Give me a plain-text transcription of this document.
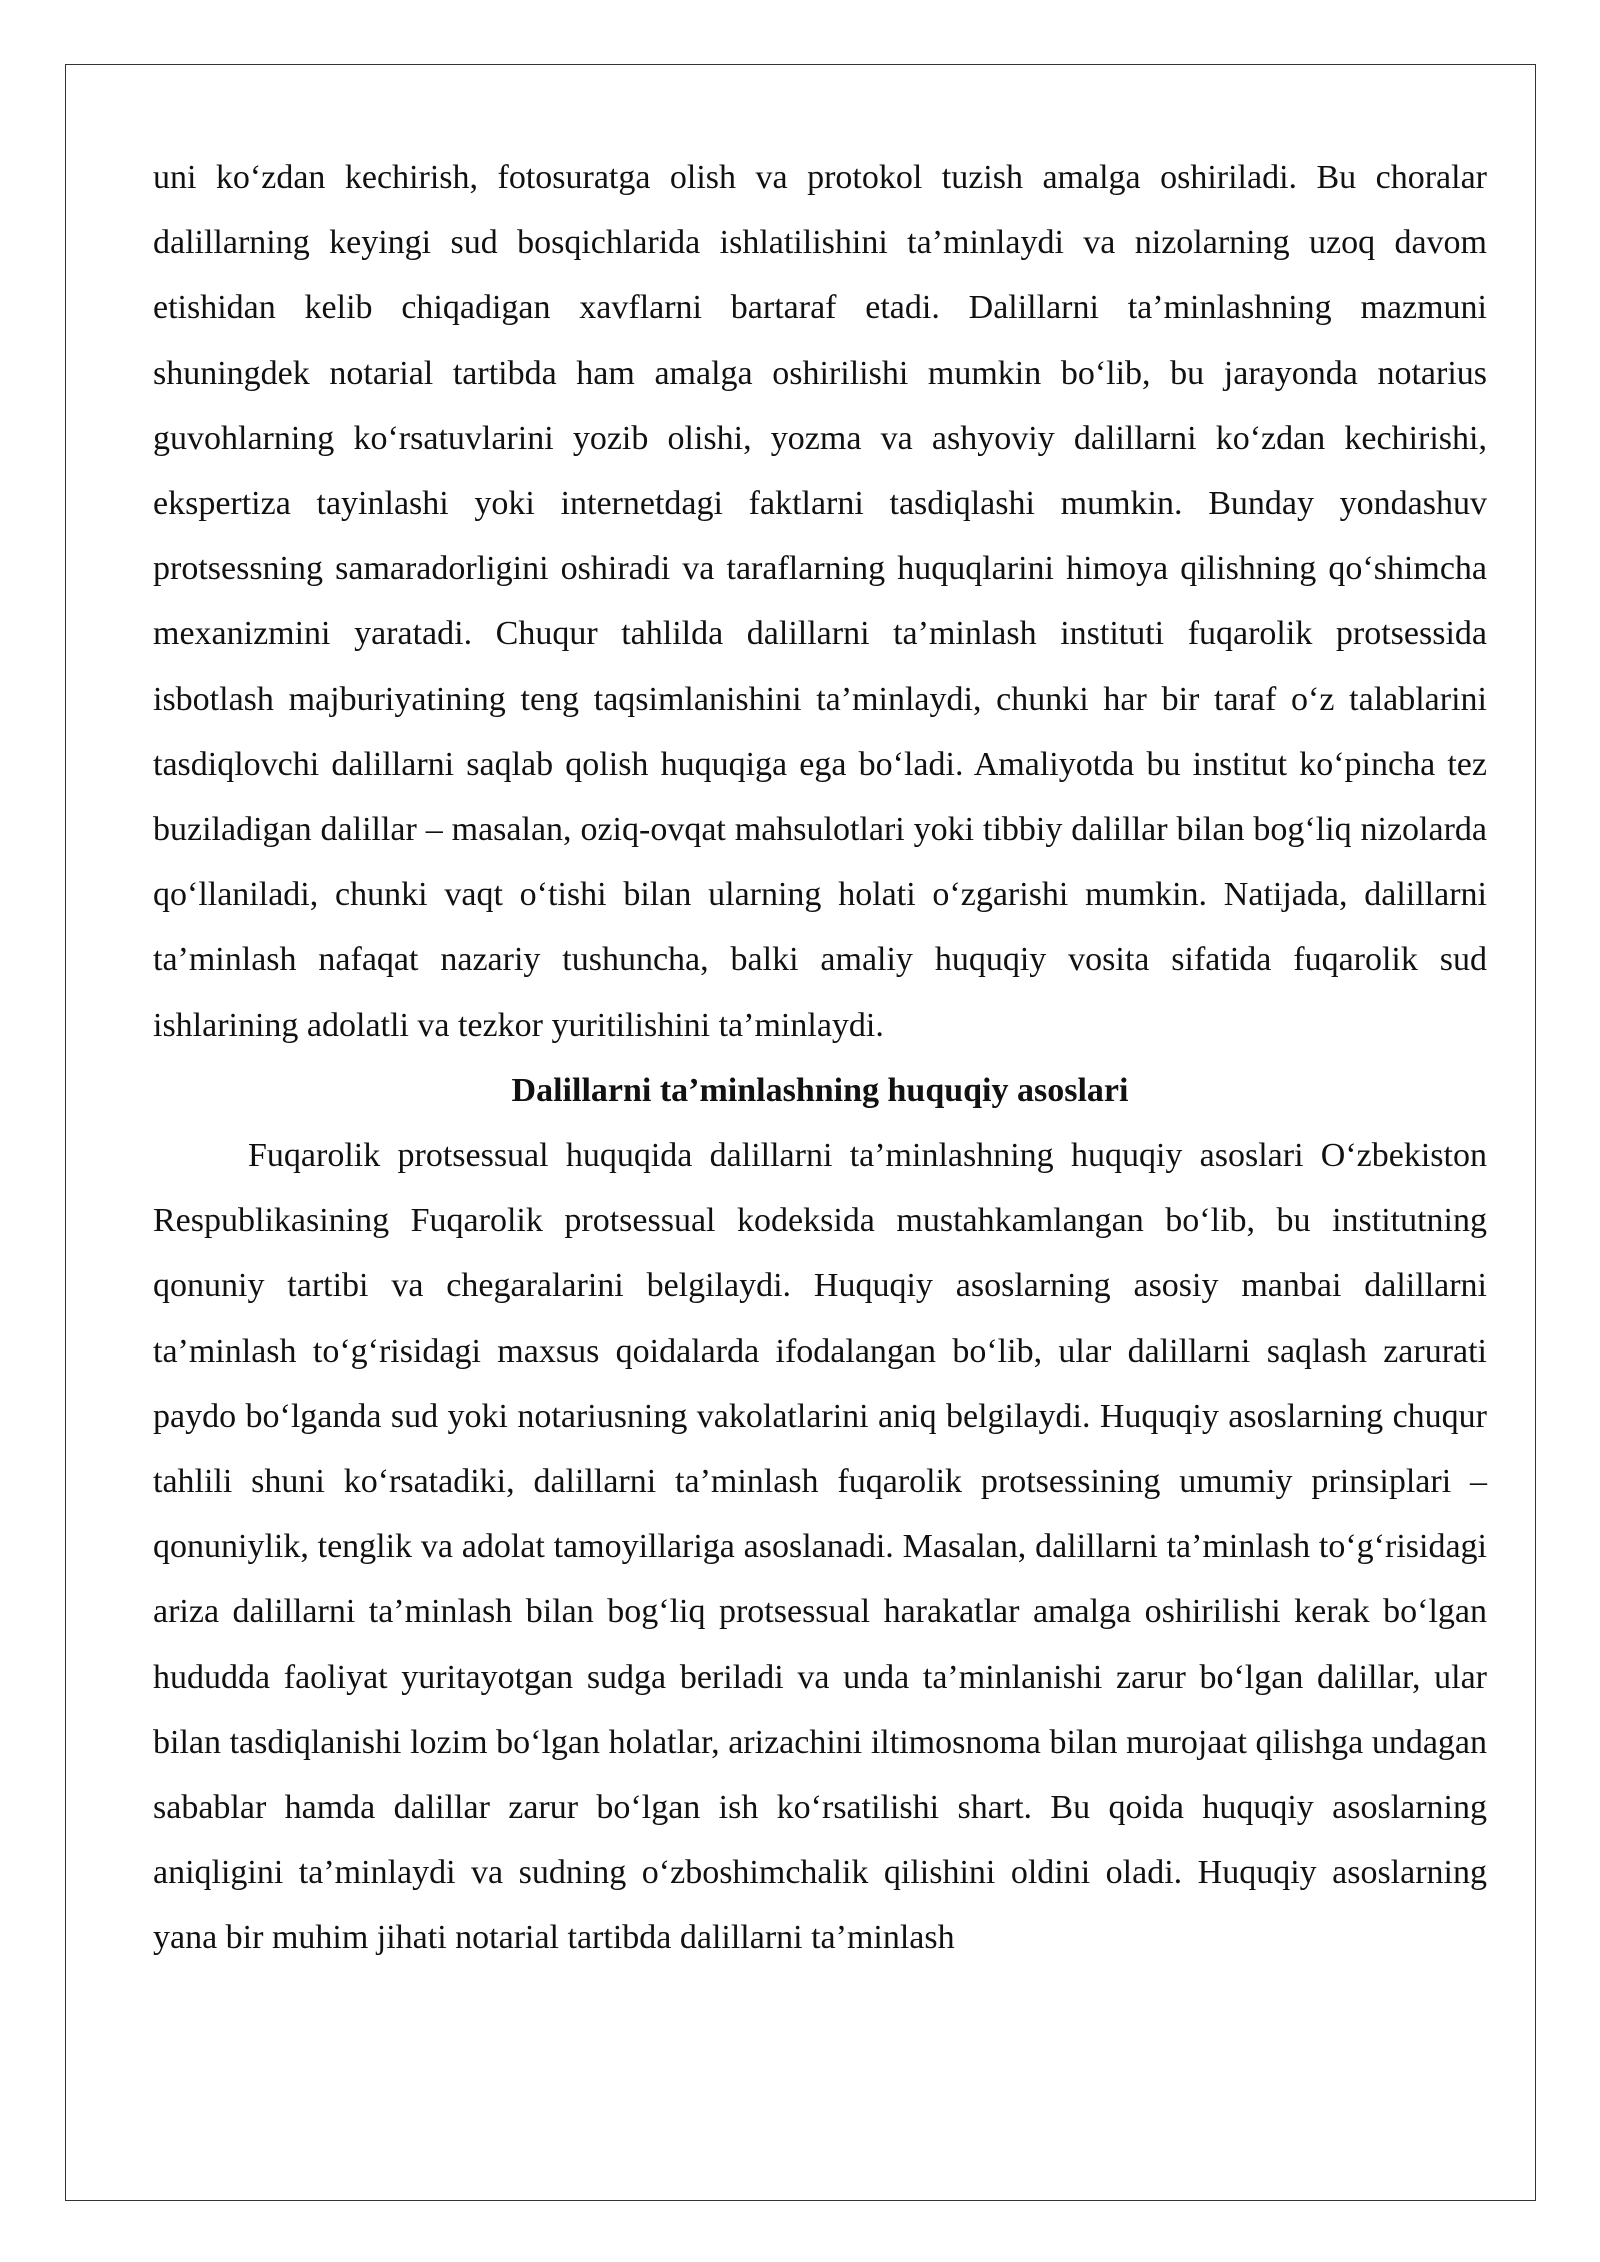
uni ko‘zdan kechirish, fotosuratga olish va protokol tuzish amalga oshiriladi. Bu choralar dalillarning keyingi sud bosqichlarida ishlatilishini ta’minlaydi va nizolarning uzoq davom etishidan kelib chiqadigan xavflarni bartaraf etadi. Dalillarni ta’minlashning mazmuni shuningdek notarial tartibda ham amalga oshirilishi mumkin bo‘lib, bu jarayonda notarius guvohlarning ko‘rsatuvlarini yozib olishi, yozma va ashyoviy dalillarni ko‘zdan kechirishi, ekspertiza tayinlashi yoki internetdagi faktlarni tasdiqlashi mumkin. Bunday yondashuv protsessning samaradorligini oshiradi va taraflarning huquqlarini himoya qilishning qo‘shimcha mexanizmini yaratadi. Chuqur tahlilda dalillarni ta’minlash instituti fuqarolik protsessida isbotlash majburiyatining teng taqsimlanishini ta’minlaydi, chunki har bir taraf o‘z talablarini tasdiqlovchi dalillarni saqlab qolish huquqiga ega bo‘ladi. Amaliyotda bu institut ko‘pincha tez buziladigan dalillar – masalan, oziq-ovqat mahsulotlari yoki tibbiy dalillar bilan bog‘liq nizolarda qo‘llaniladi, chunki vaqt o‘tishi bilan ularning holati o‘zgarishi mumkin. Natijada, dalillarni ta’minlash nafaqat nazariy tushuncha, balki amaliy huquqiy vosita sifatida fuqarolik sud ishlarining adolatli va tezkor yuritilishini ta’minlaydi.

Dalillarni ta’minlashning huquqiy asoslari

Fuqarolik protsessual huquqida dalillarni ta’minlashning huquqiy asoslari O‘zbekiston Respublikasining Fuqarolik protsessual kodeksida mustahkamlangan bo‘lib, bu institutning qonuniy tartibi va chegaralarini belgilaydi. Huquqiy asoslarning asosiy manbai dalillarni ta’minlash to‘g‘risidagi maxsus qoidalarda ifodalangan bo‘lib, ular dalillarni saqlash zarurati paydo bo‘lganda sud yoki notariusning vakolatlarini aniq belgilaydi. Huquqiy asoslarning chuqur tahlili shuni ko‘rsatadiki, dalillarni ta’minlash fuqarolik protsessining umumiy prinsiplari – qonuniylik, tenglik va adolat tamoyillariga asoslanadi. Masalan, dalillarni ta’minlash to‘g‘risidagi ariza dalillarni ta’minlash bilan bog‘liq protsessual harakatlar amalga oshirilishi kerak bo‘lgan hududda faoliyat yuritayotgan sudga beriladi va unda ta’minlanishi zarur bo‘lgan dalillar, ular bilan tasdiqlanishi lozim bo‘lgan holatlar, arizachini iltimosnoma bilan murojaat qilishga undagan sabablar hamda dalillar zarur bo‘lgan ish ko‘rsatilishi shart. Bu qoida huquqiy asoslarning aniqligini ta’minlaydi va sudning o‘zboshimchalik qilishini oldini oladi. Huquqiy asoslarning yana bir muhim jihati notarial tartibda dalillarni ta’minlash
